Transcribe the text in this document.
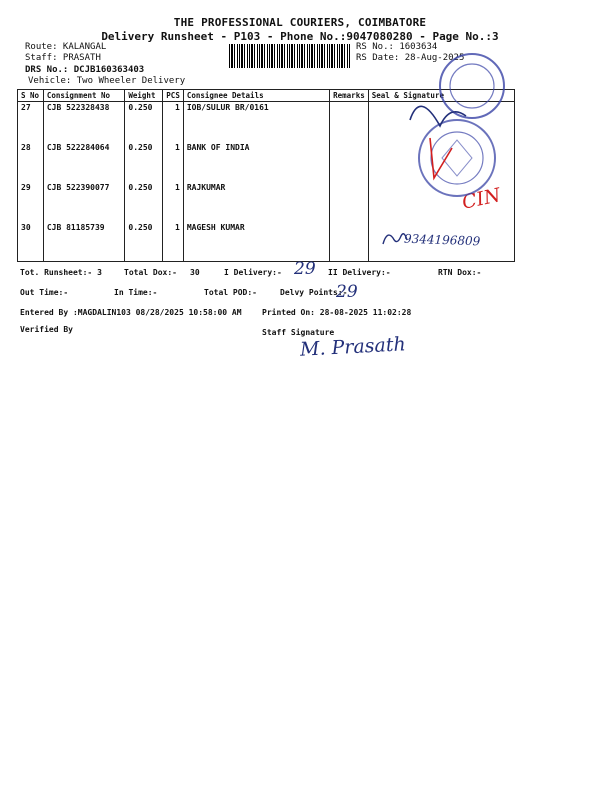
THE PROFESSIONAL COURIERS, COIMBATORE
Delivery Runsheet - P103 - Phone No.:9047080280 - Page No.:3
Route: KALANGAL
Staff: PRASATH
DRS No.: DCJB160363403
Vehicle: Two Wheeler Delivery
RS No.: 1603634
RS Date: 28-Aug-2025
S No	Consignment No	Weight	PCS	Consignee Details	Remarks	Seal & Signature
27	CJB 522328438	0.250	1	IOB/SULUR BR/0161		
28	CJB 522284064	0.250	1	BANK OF INDIA		
29	CJB 522390077	0.250	1	RAJKUMAR		
30	CJB 81185739	0.250	1	MAGESH KUMAR		
Tot. Runsheet:- 3	Total Dox:- 30	I Delivery:-	II Delivery:-	RTN Dox:-
Out Time:-	In Time:-	Total POD:-	Delvy Points:-
Entered By :MAGDALIN103 08/28/2025 10:58:00 AM	Printed On: 28-08-2025 11:02:28
Verified By	Staff Signature
29
29
9344196809
CIN
M. Prasath
